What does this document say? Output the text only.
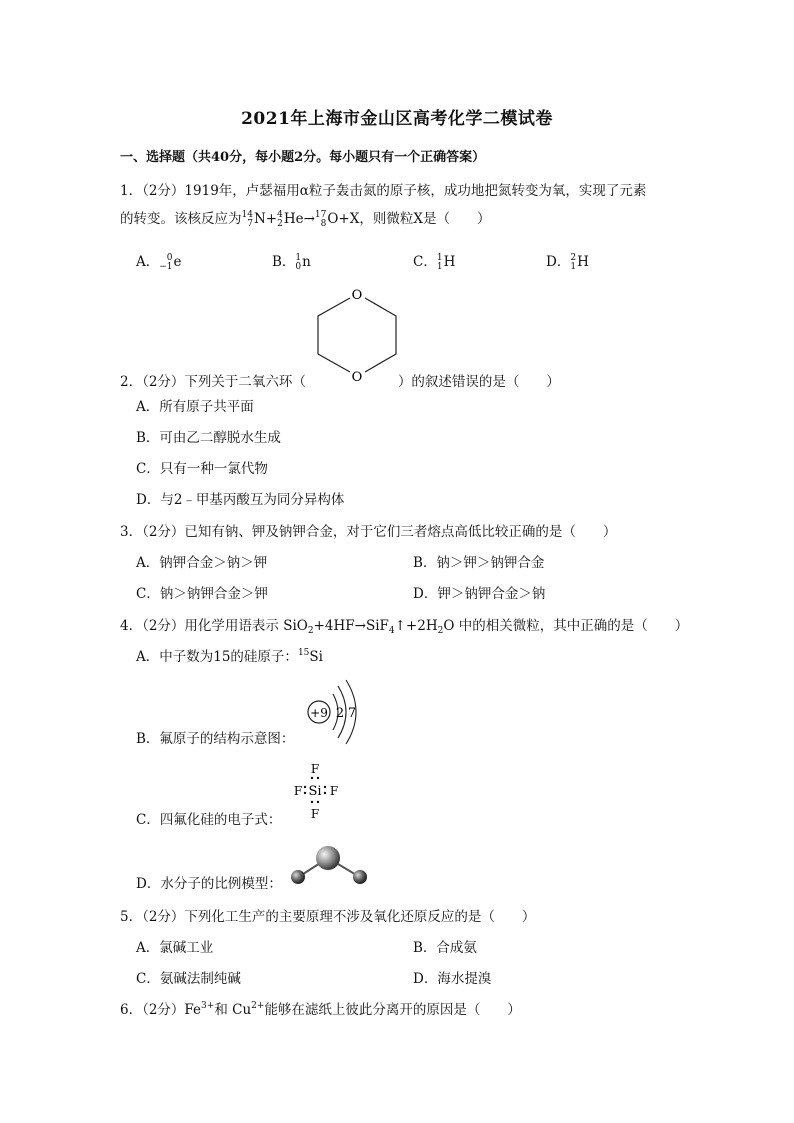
2021年上海市金山区高考化学二模试卷
一、选择题（共40分，每小题2分。每小题只有一个正确答案）
1．（2分）1919年，卢瑟福用α粒子轰击氮的原子核，成功地把氮转变为氧，实现了元素
的转变。该核反应为 14
7 N+ 4
2 He→ 17
8 O+X，则微粒X是（　　）
A． 0
−1 e	B． 1
0 n	C． 1
1 H	D． 2
1 H
O
O
2．（2分）下列关于二氧六环（	）的叙述错误的是（　　）
A．所有原子共平面
B．可由乙二醇脱水生成
C．只有一种一氯代物
D．与2﹣甲基丙酸互为同分异构体
3．（2分）已知有钠、钾及钠钾合金，对于它们三者熔点高低比较正确的是（　　）
A．钠钾合金＞钠＞钾	B．钠＞钾＞钠钾合金
C．钠＞钠钾合金＞钾	D．钾＞钠钾合金＞钠
4．（2分）用化学用语表示 $SiO_2+4HF\to SiF_4↑+2H_2O$ 中的相关微粒，其中正确的是（　　）
A．中子数为15的硅原子：$^{15}$Si
+9 2 7
B．氟原子的结构示意图：
F
F Si F
F
C．四氟化硅的电子式：
D．水分子的比例模型：
5．（2分）下列化工生产的主要原理不涉及氧化还原反应的是（　　）
A．氯碱工业	B．合成氨
C．氨碱法制纯碱	D．海水提溴
6．（2分）$Fe^{3+}$和 $Cu^{2+}$能够在滤纸上彼此分离开的原因是（　　）
